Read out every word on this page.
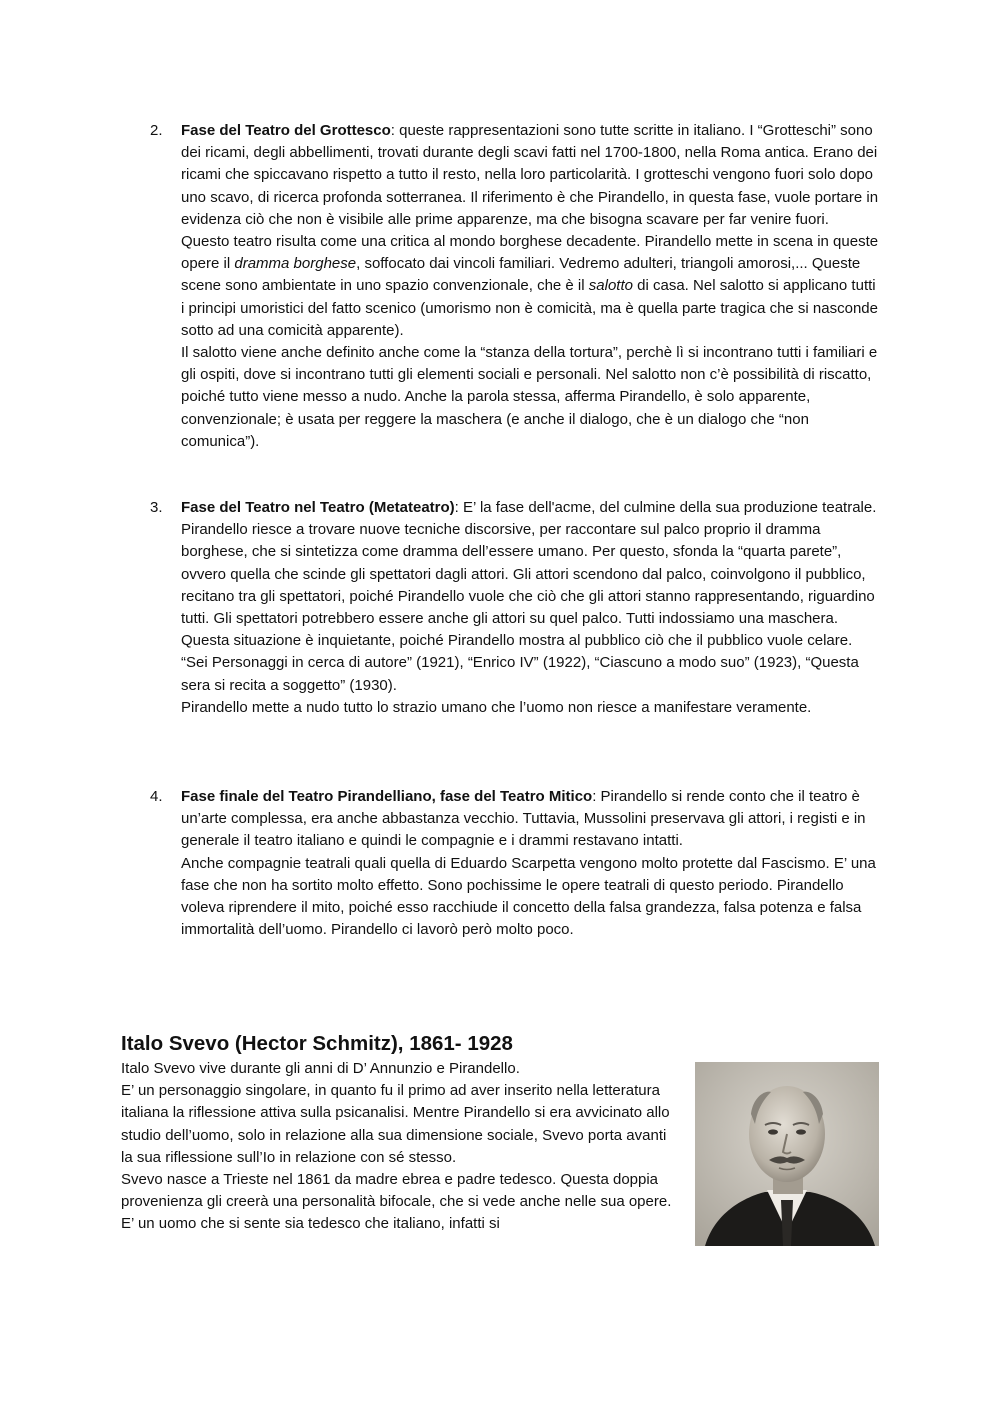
2. Fase del Teatro del Grottesco: queste rappresentazioni sono tutte scritte in italiano. I “Grotteschi” sono dei ricami, degli abbellimenti, trovati durante degli scavi fatti nel 1700-1800, nella Roma antica. Erano dei ricami che spiccavano rispetto a tutto il resto, nella loro particolarità. I grotteschi vengono fuori solo dopo uno scavo, di ricerca profonda sotterranea. Il riferimento è che Pirandello, in questa fase, vuole portare in evidenza ciò che non è visibile alle prime apparenze, ma che bisogna scavare per far venire fuori. Questo teatro risulta come una critica al mondo borghese decadente. Pirandello mette in scena in queste opere il dramma borghese, soffocato dai vincoli familiari. Vedremo adulteri, triangoli amorosi,... Queste scene sono ambientate in uno spazio convenzionale, che è il salotto di casa. Nel salotto si applicano tutti i principi umoristici del fatto scenico (umorismo non è comicità, ma è quella parte tragica che si nasconde sotto ad una comicità apparente).

Il salotto viene anche definito anche come la “stanza della tortura”, perchè lì si incontrano tutti i familiari e gli ospiti, dove si incontrano tutti gli elementi sociali e personali. Nel salotto non c’è possibilità di riscatto, poiché tutto viene messo a nudo. Anche la parola stessa, afferma Pirandello, è solo apparente, convenzionale; è usata per reggere la maschera (e anche il dialogo, che è un dialogo che “non comunica”).

3. Fase del Teatro nel Teatro (Metateatro): E’ la fase dell'acme, del culmine della sua produzione teatrale. Pirandello riesce a trovare nuove tecniche discorsive, per raccontare sul palco proprio il dramma borghese, che si sintetizza come dramma dell’essere umano. Per questo, sfonda la “quarta parete”, ovvero quella che scinde gli spettatori dagli attori. Gli attori scendono dal palco, coinvolgono il pubblico, recitano tra gli spettatori, poiché Pirandello vuole che ciò che gli attori stanno rappresentando, riguardino tutti. Gli spettatori potrebbero essere anche gli attori su quel palco. Tutti indossiamo una maschera. Questa situazione è inquietante, poiché Pirandello mostra al pubblico ciò che il pubblico vuole celare. “Sei Personaggi in cerca di autore” (1921), “Enrico IV” (1922), “Ciascuno a modo suo” (1923), “Questa sera si recita a soggetto” (1930).

Pirandello mette a nudo tutto lo strazio umano che l’uomo non riesce a manifestare veramente.

4. Fase finale del Teatro Pirandelliano, fase del Teatro Mitico: Pirandello si rende conto che il teatro è un’arte complessa, era anche abbastanza vecchio. Tuttavia, Mussolini preservava gli attori, i registi e in generale il teatro italiano e quindi le compagnie e i drammi restavano intatti.

Anche compagnie teatrali quali quella di Eduardo Scarpetta vengono molto protette dal Fascismo. E’ una fase che non ha sortito molto effetto. Sono pochissime le opere teatrali di questo periodo. Pirandello voleva riprendere il mito, poiché esso racchiude il concetto della falsa grandezza, falsa potenza e falsa immortalità dell’uomo. Pirandello ci lavorò però molto poco.

Italo Svevo (Hector Schmitz), 1861- 1928

Italo Svevo vive durante gli anni di D’ Annunzio e Pirandello.

E’ un personaggio singolare, in quanto fu il primo ad aver inserito nella letteratura italiana la riflessione attiva sulla psicanalisi. Mentre Pirandello si era avvicinato allo studio dell’uomo, solo in relazione alla sua dimensione sociale, Svevo porta avanti la sua riflessione sull’Io in relazione con sé stesso.

Svevo nasce a Trieste nel 1861 da madre ebrea e padre tedesco. Questa doppia provenienza gli creerà una personalità bifocale, che si vede anche nelle sua opere. E’ un uomo che si sente sia tedesco che italiano, infatti si
